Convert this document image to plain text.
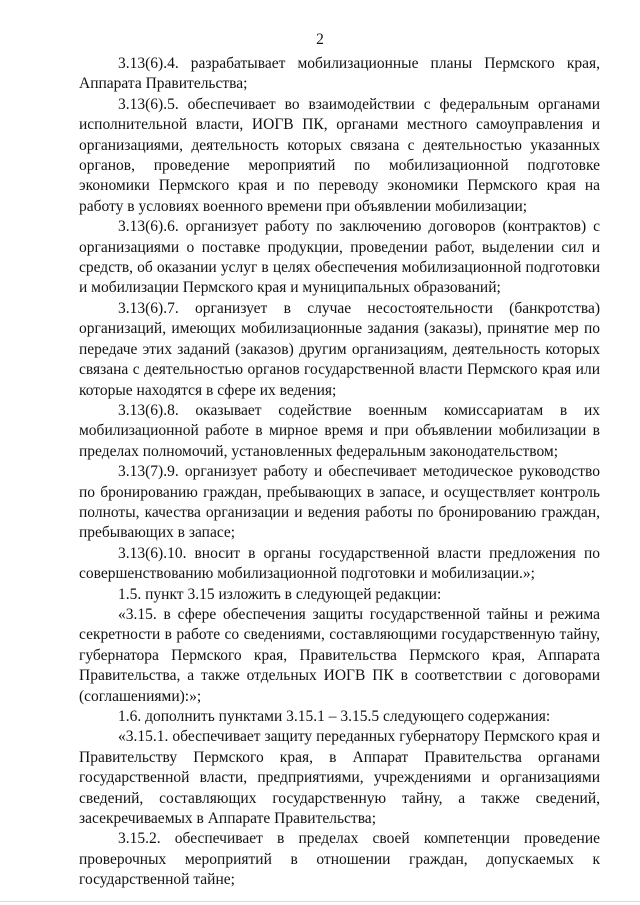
2

3.13(6).4. разрабатывает мобилизационные планы Пермского края, Аппарата Правительства;

3.13(6).5. обеспечивает во взаимодействии с федеральным органами исполнительной власти, ИОГВ ПК, органами местного самоуправления и организациями, деятельность которых связана с деятельностью указанных органов, проведение мероприятий по мобилизационной подготовке экономики Пермского края и по переводу экономики Пермского края на работу в условиях военного времени при объявлении мобилизации;

3.13(6).6. организует работу по заключению договоров (контрактов) с организациями о поставке продукции, проведении работ, выделении сил и средств, об оказании услуг в целях обеспечения мобилизационной подготовки и мобилизации Пермского края и муниципальных образований;

3.13(6).7. организует в случае несостоятельности (банкротства) организаций, имеющих мобилизационные задания (заказы), принятие мер по передаче этих заданий (заказов) другим организациям, деятельность которых связана с деятельностью органов государственной власти Пермского края или которые находятся в сфере их ведения;

3.13(6).8. оказывает содействие военным комиссариатам в их мобилизационной работе в мирное время и при объявлении мобилизации в пределах полномочий, установленных федеральным законодательством;

3.13(7).9. организует работу и обеспечивает методическое руководство по бронированию граждан, пребывающих в запасе, и осуществляет контроль полноты, качества организации и ведения работы по бронированию граждан, пребывающих в запасе;

3.13(6).10. вносит в органы государственной власти предложения по совершенствованию мобилизационной подготовки и мобилизации.»;

1.5. пункт 3.15 изложить в следующей редакции:

«3.15. в сфере обеспечения защиты государственной тайны и режима секретности в работе со сведениями, составляющими государственную тайну, губернатора Пермского края, Правительства Пермского края, Аппарата Правительства, а также отдельных ИОГВ ПК в соответствии с договорами (соглашениями):»;

1.6. дополнить пунктами 3.15.1 – 3.15.5 следующего содержания:

«3.15.1. обеспечивает защиту переданных губернатору Пермского края и Правительству Пермского края, в Аппарат Правительства органами государственной власти, предприятиями, учреждениями и организациями сведений, составляющих государственную тайну, а также сведений, засекречиваемых в Аппарате Правительства;

3.15.2. обеспечивает в пределах своей компетенции проведение проверочных мероприятий в отношении граждан, допускаемых к государственной тайне;
